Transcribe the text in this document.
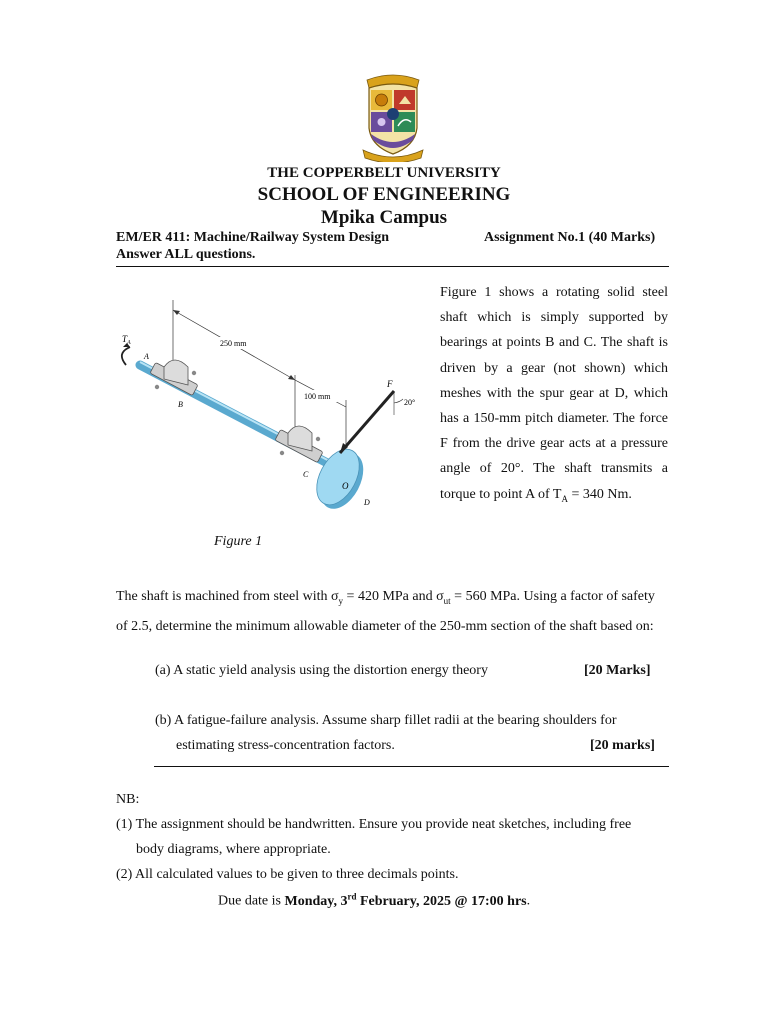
THE COPPERBELT UNIVERSITY
SCHOOL OF ENGINEERING
Mpika Campus
EM/ER 411: Machine/Railway System Design	Assignment No.1 (40 Marks)
Answer ALL questions.
250 mm
100 mm
O
20°
F
$T_A$
A
B
C
D
Figure 1
Figure 1 shows a rotating solid steel shaft which is simply supported by bearings at points B and C. The shaft is driven by a gear (not shown) which meshes with the spur gear at D, which has a 150-mm pitch diameter. The force F from the drive gear acts at a pressure angle of 20°. The shaft transmits a torque to point A of $T_A = 340$ Nm.
The shaft is machined from steel with $\sigma_y = 420$ MPa and $\sigma_{ut} = 560$ MPa. Using a factor of safety
of 2.5, determine the minimum allowable diameter of the 250-mm section of the shaft based on:
(a) A static yield analysis using the distortion energy theory	[20 Marks]
(b) A fatigue-failure analysis. Assume sharp fillet radii at the bearing shoulders for
estimating stress-concentration factors.	[20 marks]
NB:
(1) The assignment should be handwritten. Ensure you provide neat sketches, including free
body diagrams, where appropriate.
(2) All calculated values to be given to three decimals points.
Due date is Monday, 3rd February, 2025 @ 17:00 hrs.
